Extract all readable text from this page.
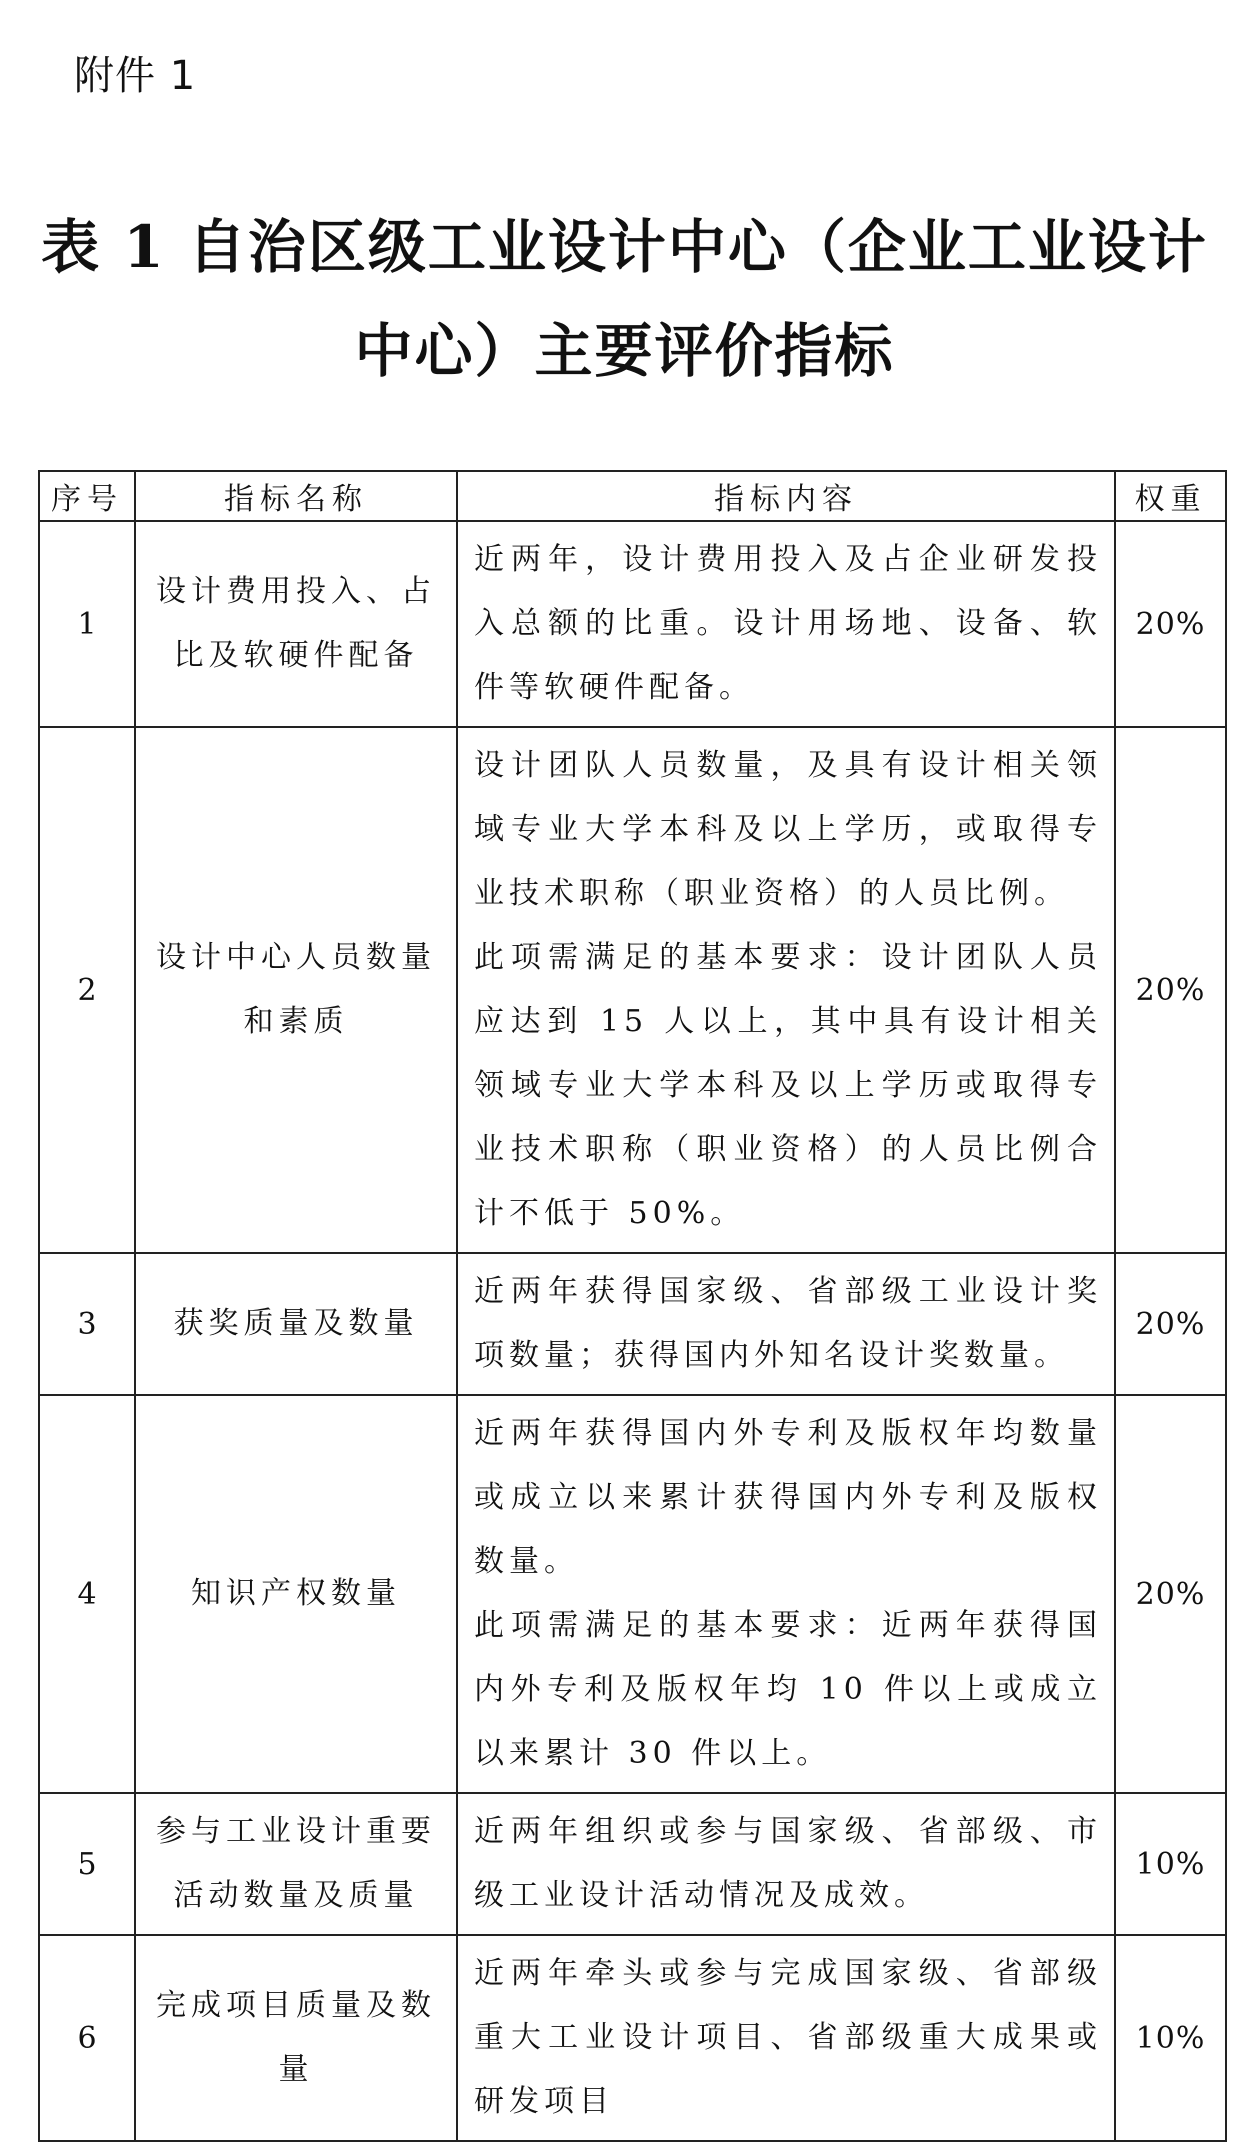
附件 1
表 1 自治区级工业设计中心（企业工业设计
中心）主要评价指标
序号	指标名称	指标内容	权重
1	设计费用投入、占比及软硬件配备	近两年，设计费用投入及占企业研发投入总额的比重。设计用场地、设备、软件等软硬件配备。	20%
2	设计中心人员数量和素质	设计团队人员数量，及具有设计相关领域专业大学本科及以上学历，或取得专业技术职称（职业资格）的人员比例。

此项需满足的基本要求：设计团队人员应达到 15 人以上，其中具有设计相关领域专业大学本科及以上学历或取得专业技术职称（职业资格）的人员比例合计不低于 50%。	20%
3	获奖质量及数量	近两年获得国家级、省部级工业设计奖项数量；获得国内外知名设计奖数量。	20%
4	知识产权数量	近两年获得国内外专利及版权年均数量或成立以来累计获得国内外专利及版权数量。

此项需满足的基本要求：近两年获得国内外专利及版权年均 10 件以上或成立以来累计 30 件以上。	20%
5	参与工业设计重要活动数量及质量	近两年组织或参与国家级、省部级、市级工业设计活动情况及成效。	10%
6	完成项目质量及数量	近两年牵头或参与完成国家级、省部级重大工业设计项目、省部级重大成果或研发项目	10%
